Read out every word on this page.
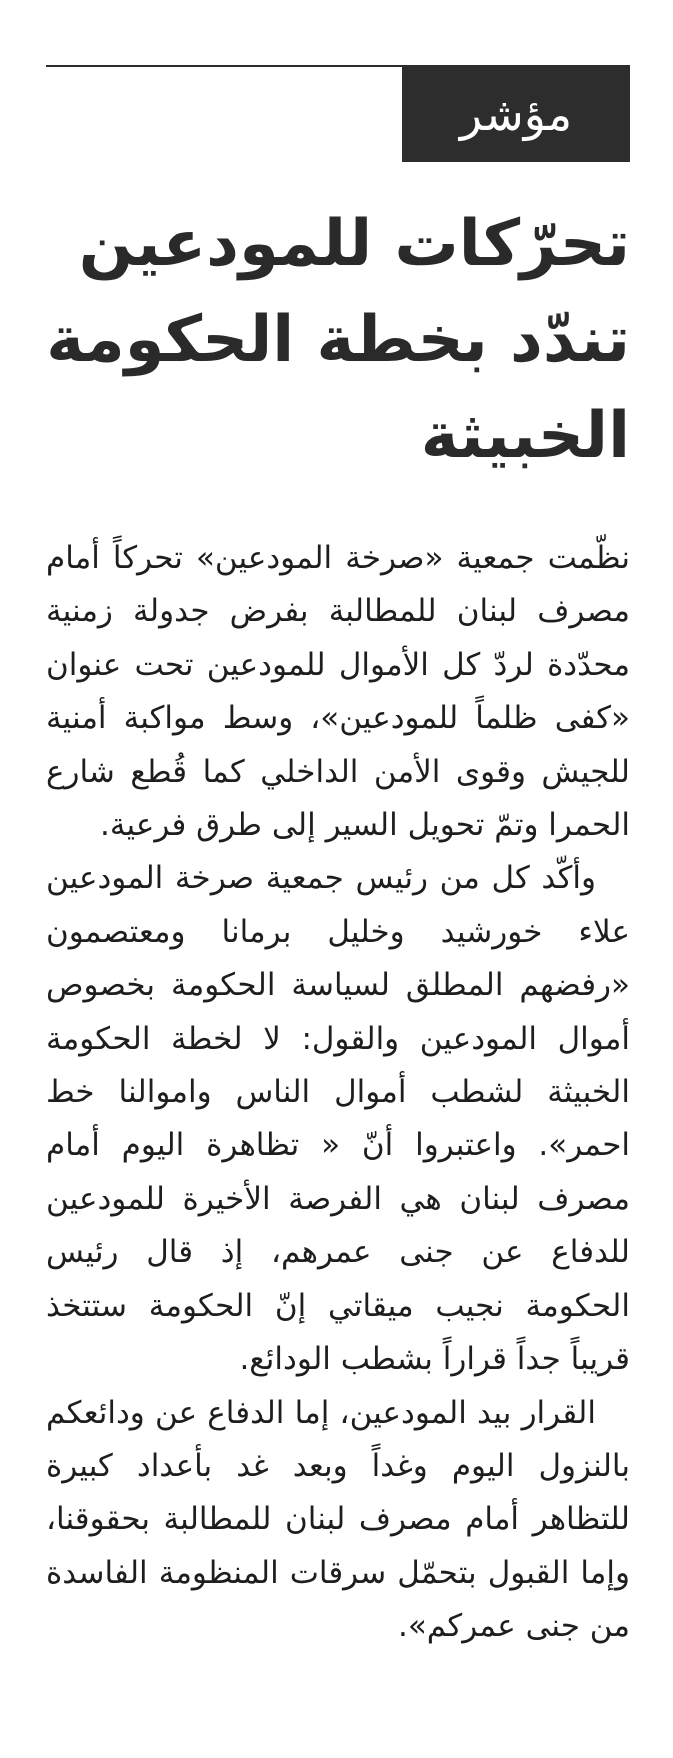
مؤشر
تحرّكات للمودعين تندّد بخطة الحكومة الخبيثة

نظّمت جمعية «صرخة المودعين» تحركاً أمام مصرف لبنان للمطالبة بفرض جدولة زمنية محدّدة لردّ كل الأموال للمودعين تحت عنوان «كفى ظلماً للمودعين»، وسط مواكبة أمنية للجيش وقوى الأمن الداخلي كما قُطع شارع الحمرا وتمّ تحويل السير إلى طرق فرعية.

وأكّد كل من رئيس جمعية صرخة المودعين علاء خورشيد وخليل برمانا ومعتصمون «رفضهم المطلق لسياسة الحكومة بخصوص أموال المودعين والقول: لا لخطة الحكومة الخبيثة لشطب أموال الناس واموالنا خط احمر». واعتبروا أنّ « تظاهرة اليوم أمام مصرف لبنان هي الفرصة الأخيرة للمودعين للدفاع عن جنى عمرهم، إذ قال رئيس الحكومة نجيب ميقاتي إنّ الحكومة ستتخذ قريباً جداً قراراً بشطب الودائع.

القرار بيد المودعين، إما الدفاع عن ودائعكم بالنزول اليوم وغداً وبعد غد بأعداد كبيرة للتظاهر أمام مصرف لبنان للمطالبة بحقوقنا، وإما القبول بتحمّل سرقات المنظومة الفاسدة من جنى عمركم».
